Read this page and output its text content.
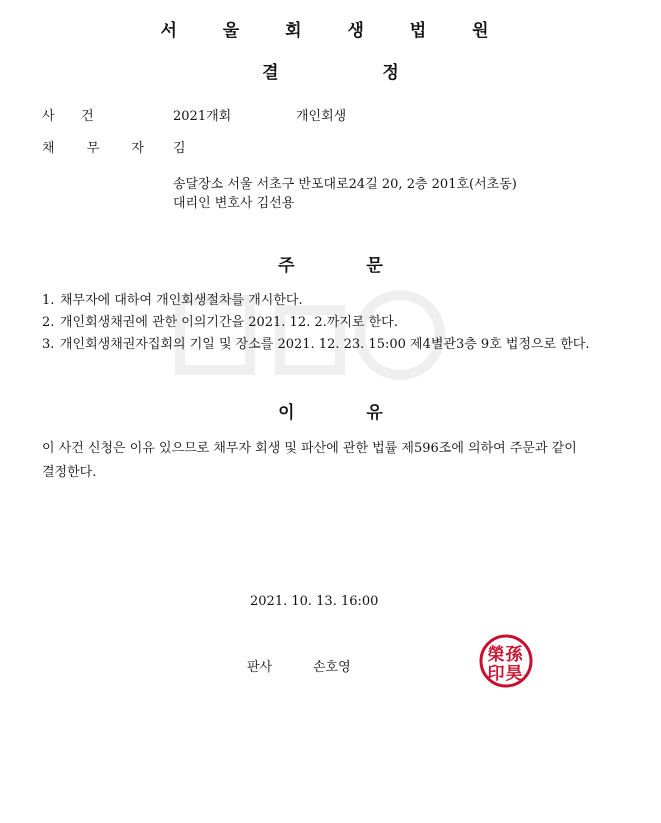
서 울 회 생 법 원
결	정
사    건	2021개회	개인회생
채 무 자 김
송달장소 서울 서초구 반포대로24길 20, 2층 201호(서초동)
대리인 변호사 김선용
주	문
1. 채무자에 대하여 개인회생절차를 개시한다.
2. 개인회생채권에 관한 이의기간을 2021. 12. 2.까지로 한다.
3. 개인회생채권자집회의 기일 및 장소를 2021. 12. 23. 15:00 제4별관3층 9호 법정으로 한다.
이	유
이 사건 신청은 이유 있으므로 채무자 회생 및 파산에 관한 법률 제596조에 의하여 주문과 같이 결정한다.
2021. 10. 13. 16:00
판사	손호영
孫
昊
榮
印
